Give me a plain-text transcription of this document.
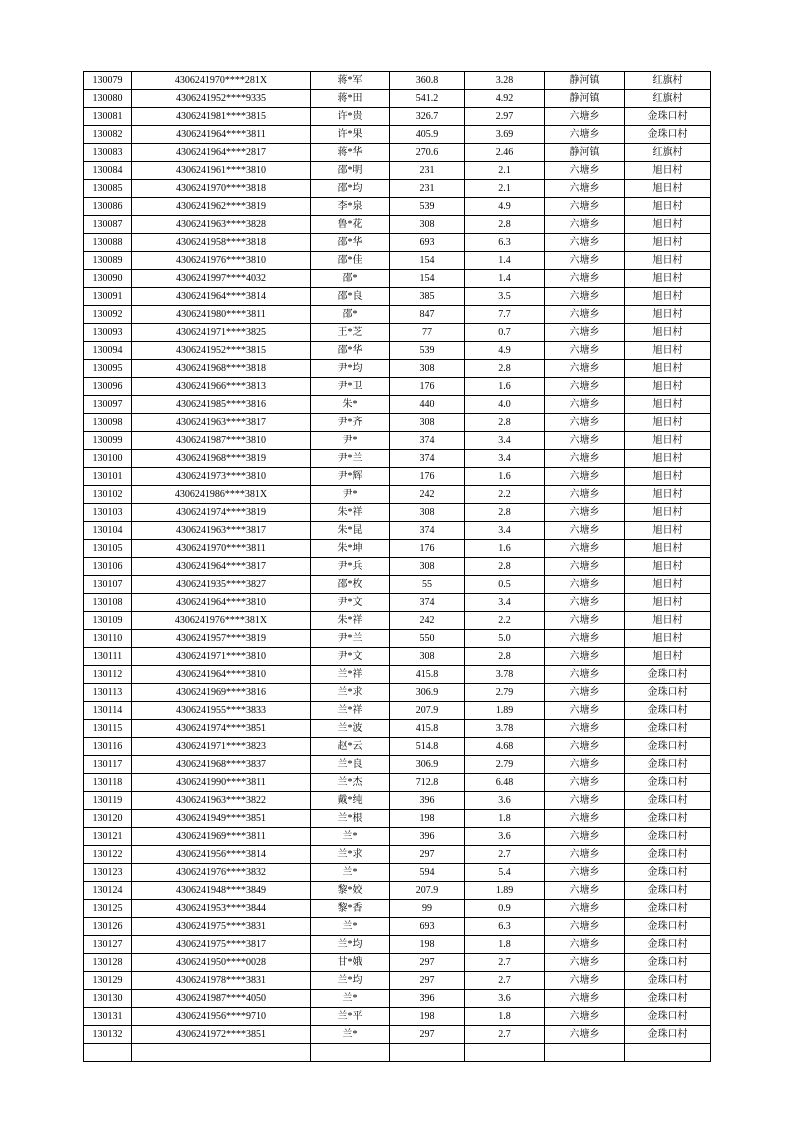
130079	4306241970****281X	蒋*军	360.8	3.28	静河镇	红旗村
130080	4306241952****9335	蒋*田	541.2	4.92	静河镇	红旗村
130081	4306241981****3815	许*贵	326.7	2.97	六塘乡	金珠口村
130082	4306241964****3811	许*果	405.9	3.69	六塘乡	金珠口村
130083	4306241964****2817	蒋*华	270.6	2.46	静河镇	红旗村
130084	4306241961****3810	邵*明	231	2.1	六塘乡	旭日村
130085	4306241970****3818	邵*均	231	2.1	六塘乡	旭日村
130086	4306241962****3819	李*泉	539	4.9	六塘乡	旭日村
130087	4306241963****3828	鲁*花	308	2.8	六塘乡	旭日村
130088	4306241958****3818	邵*华	693	6.3	六塘乡	旭日村
130089	4306241976****3810	邵*佳	154	1.4	六塘乡	旭日村
130090	4306241997****4032	邵*	154	1.4	六塘乡	旭日村
130091	4306241964****3814	邵*良	385	3.5	六塘乡	旭日村
130092	4306241980****3811	邵*	847	7.7	六塘乡	旭日村
130093	4306241971****3825	王*芝	77	0.7	六塘乡	旭日村
130094	4306241952****3815	邵*华	539	4.9	六塘乡	旭日村
130095	4306241968****3818	尹*均	308	2.8	六塘乡	旭日村
130096	4306241966****3813	尹*卫	176	1.6	六塘乡	旭日村
130097	4306241985****3816	朱*	440	4.0	六塘乡	旭日村
130098	4306241963****3817	尹*齐	308	2.8	六塘乡	旭日村
130099	4306241987****3810	尹*	374	3.4	六塘乡	旭日村
130100	4306241968****3819	尹*兰	374	3.4	六塘乡	旭日村
130101	4306241973****3810	尹*辉	176	1.6	六塘乡	旭日村
130102	4306241986****381X	尹*	242	2.2	六塘乡	旭日村
130103	4306241974****3819	朱*祥	308	2.8	六塘乡	旭日村
130104	4306241963****3817	朱*昆	374	3.4	六塘乡	旭日村
130105	4306241970****3811	朱*坤	176	1.6	六塘乡	旭日村
130106	4306241964****3817	尹*兵	308	2.8	六塘乡	旭日村
130107	4306241935****3827	邵*枚	55	0.5	六塘乡	旭日村
130108	4306241964****3810	尹*文	374	3.4	六塘乡	旭日村
130109	4306241976****381X	朱*祥	242	2.2	六塘乡	旭日村
130110	4306241957****3819	尹*兰	550	5.0	六塘乡	旭日村
130111	4306241971****3810	尹*文	308	2.8	六塘乡	旭日村
130112	4306241964****3810	兰*祥	415.8	3.78	六塘乡	金珠口村
130113	4306241969****3816	兰*求	306.9	2.79	六塘乡	金珠口村
130114	4306241955****3833	兰*祥	207.9	1.89	六塘乡	金珠口村
130115	4306241974****3851	兰*波	415.8	3.78	六塘乡	金珠口村
130116	4306241971****3823	赵*云	514.8	4.68	六塘乡	金珠口村
130117	4306241968****3837	兰*良	306.9	2.79	六塘乡	金珠口村
130118	4306241990****3811	兰*杰	712.8	6.48	六塘乡	金珠口村
130119	4306241963****3822	戴*纯	396	3.6	六塘乡	金珠口村
130120	4306241949****3851	兰*根	198	1.8	六塘乡	金珠口村
130121	4306241969****3811	兰*	396	3.6	六塘乡	金珠口村
130122	4306241956****3814	兰*求	297	2.7	六塘乡	金珠口村
130123	4306241976****3832	兰*	594	5.4	六塘乡	金珠口村
130124	4306241948****3849	黎*姣	207.9	1.89	六塘乡	金珠口村
130125	4306241953****3844	黎*香	99	0.9	六塘乡	金珠口村
130126	4306241975****3831	兰*	693	6.3	六塘乡	金珠口村
130127	4306241975****3817	兰*均	198	1.8	六塘乡	金珠口村
130128	4306241950****0028	甘*娥	297	2.7	六塘乡	金珠口村
130129	4306241978****3831	兰*均	297	2.7	六塘乡	金珠口村
130130	4306241987****4050	兰*	396	3.6	六塘乡	金珠口村
130131	4306241956****9710	兰*平	198	1.8	六塘乡	金珠口村
130132	4306241972****3851	兰*	297	2.7	六塘乡	金珠口村
